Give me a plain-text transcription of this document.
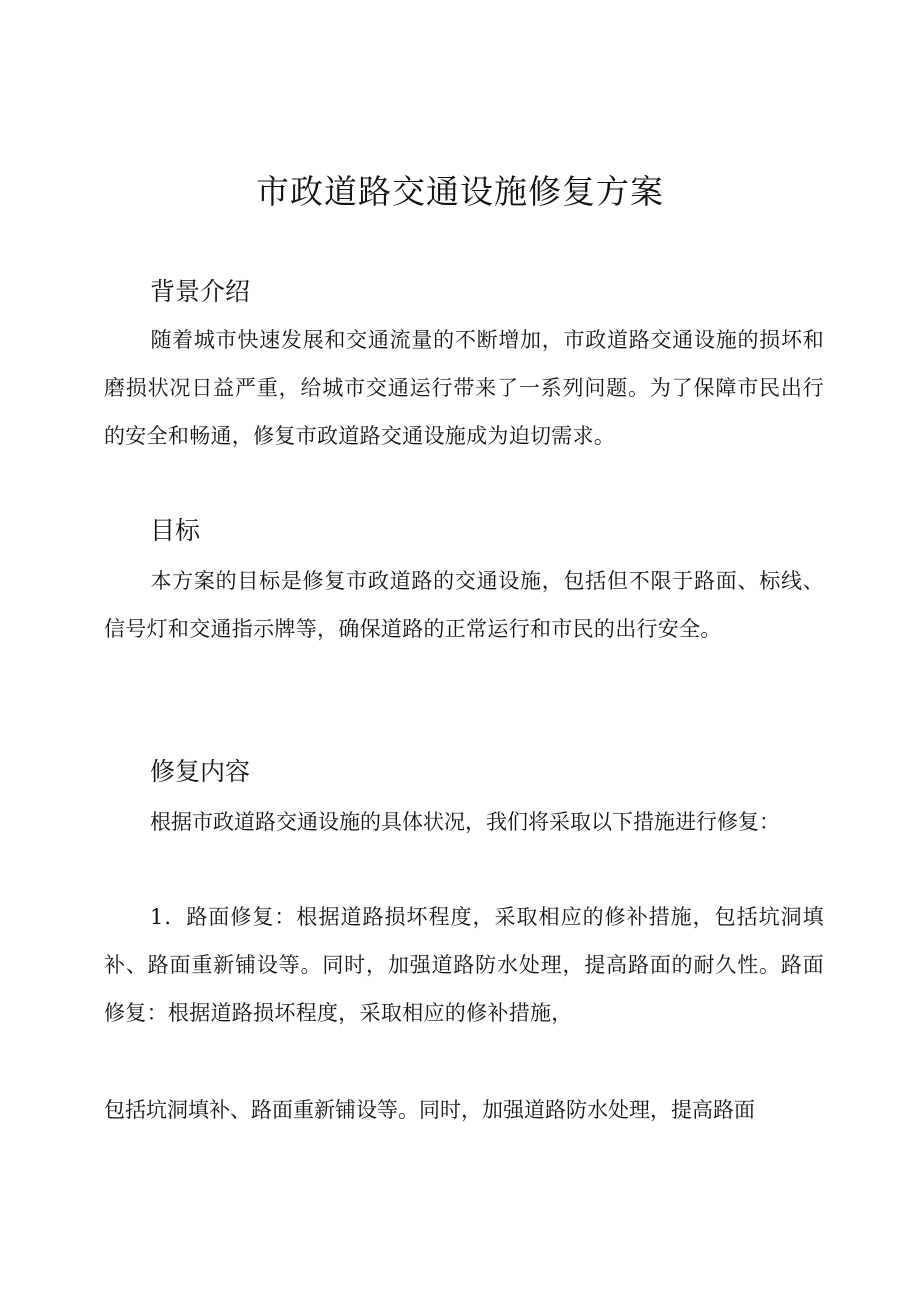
市政道路交通设施修复方案
背景介绍

随着城市快速发展和交通流量的不断增加，市政道路交通设施的损坏和磨损状况日益严重，给城市交通运行带来了一系列问题。为了保障市民出行的安全和畅通，修复市政道路交通设施成为迫切需求。

目标

本方案的目标是修复市政道路的交通设施，包括但不限于路面、标线、信号灯和交通指示牌等，确保道路的正常运行和市民的出行安全。

修复内容

根据市政道路交通设施的具体状况，我们将采取以下措施进行修复：

1．路面修复：根据道路损坏程度，采取相应的修补措施，包括坑洞填补、路面重新铺设等。同时，加强道路防水处理，提高路面的耐久性。路面修复：根据道路损坏程度，采取相应的修补措施，

包括坑洞填补、路面重新铺设等。同时，加强道路防水处理，提高路面
